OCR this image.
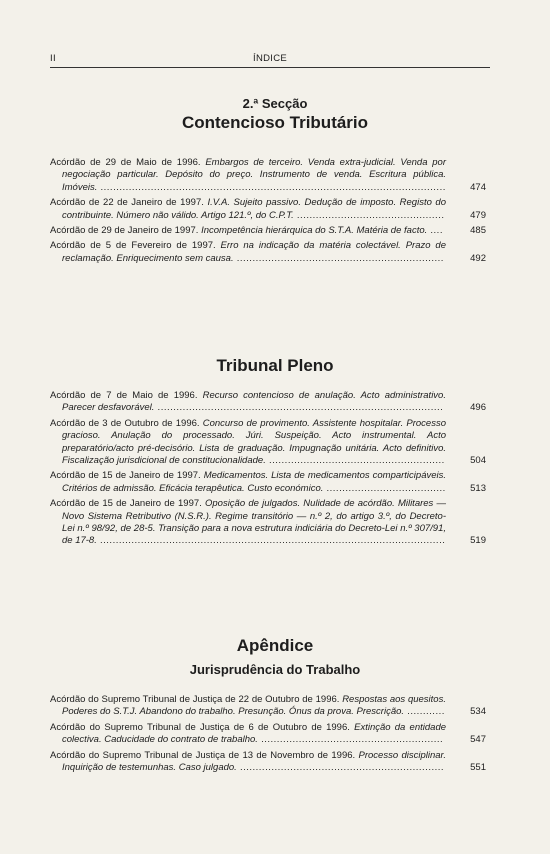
II	ÍNDICE
2.ª Secção
Contencioso Tributário
Acórdão de 29 de Maio de 1996. Embargos de terceiro. Venda extra-judicial. Venda por negociação particular. Depósito do preço. Instrumento de venda. Escritura pública. Imóveis. ..............................................................................................................	474
Acórdão de 22 de Janeiro de 1997. I.V.A. Sujeito passivo. Dedução de imposto. Registo do contribuinte. Número não válido. Artigo 121.º, do C.P.T. ...............................................	479
Acórdão de 29 de Janeiro de 1997. Incompetência hierárquica do S.T.A. Matéria de facto. ....	485
Acórdão de 5 de Fevereiro de 1997. Erro na indicação da matéria colectável. Prazo de reclamação. Enriquecimento sem causa. ..................................................................	492
Tribunal Pleno
Acórdão de 7 de Maio de 1996. Recurso contencioso de anulação. Acto administrativo. Parecer desfavorável. ...........................................................................................	496
Acórdão de 3 de Outubro de 1996. Concurso de provimento. Assistente hospitalar. Processo gracioso. Anulação do processado. Júri. Suspeição. Acto instrumental. Acto preparatório/acto pré-decisório. Lista de graduação. Impugnação unitária. Acto definitivo. Fiscalização jurisdicional de constitucionalidade. ........................................................	504
Acórdão de 15 de Janeiro de 1997. Medicamentos. Lista de medicamentos comparticipáveis. Critérios de admissão. Eficácia terapêutica. Custo económico. ......................................	513
Acórdão de 15 de Janeiro de 1997. Oposição de julgados. Nulidade de acórdão. Militares — Novo Sistema Retributivo (N.S.R.). Regime transitório — n.º 2, do artigo 3.º, do Decreto-Lei n.º 98/92, de 28-5. Transição para a nova estrutura indiciária do Decreto-Lei n.º 307/91, de 17-8. ..............................................................................................................	519
Apêndice
Jurisprudência do Trabalho
Acórdão do Supremo Tribunal de Justiça de 22 de Outubro de 1996. Respostas aos quesitos. Poderes do S.T.J. Abandono do trabalho. Presunção. Ónus da prova. Prescrição. ............	534
Acórdão do Supremo Tribunal de Justiça de 6 de Outubro de 1996. Extinção da entidade colectiva. Caducidade do contrato de trabalho. ..........................................................	547
Acórdão do Supremo Tribunal de Justiça de 13 de Novembro de 1996. Processo disciplinar. Inquirição de testemunhas. Caso julgado. .................................................................	551
